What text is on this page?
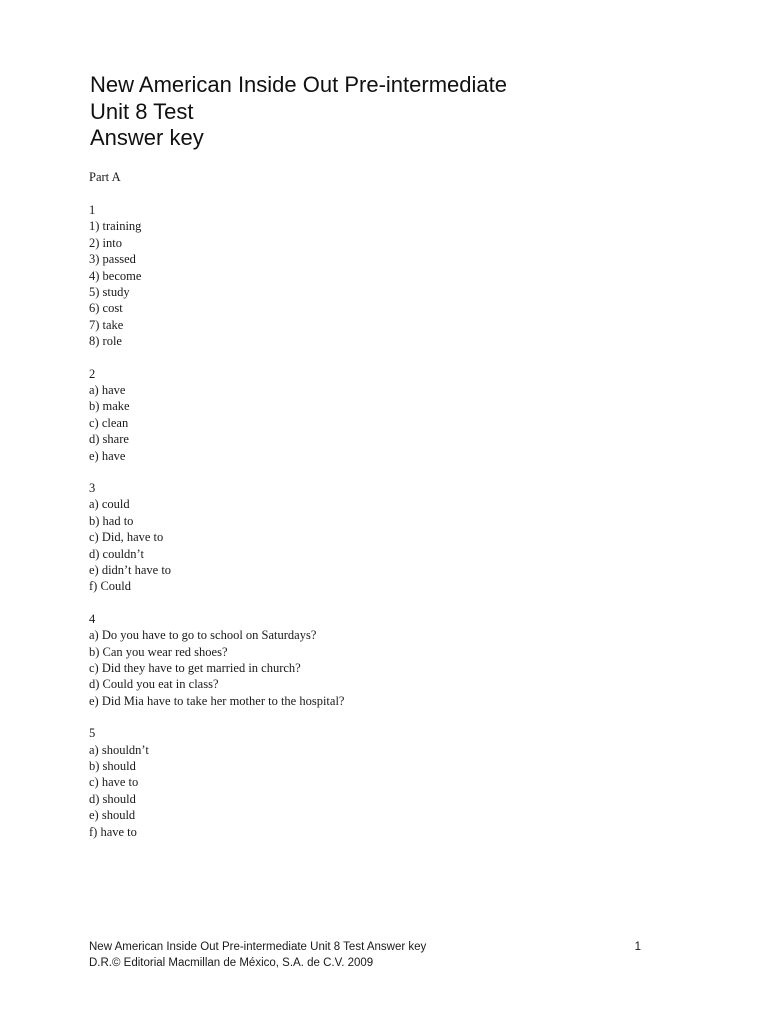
New American Inside Out Pre-intermediate
Unit 8 Test
Answer key
Part A
1
1) training
2) into
3) passed
4) become
5) study
6) cost
7) take
8) role
2
a) have
b) make
c) clean
d) share
e) have
3
a) could
b) had to
c) Did, have to
d) couldn’t
e) didn’t have to
f) Could
4
a) Do you have to go to school on Saturdays?
b) Can you wear red shoes?
c) Did they have to get married in church?
d) Could you eat in class?
e) Did Mia have to take her mother to the hospital?
5
a) shouldn’t
b) should
c) have to
d) should
e) should
f) have to
New American Inside Out Pre-intermediate Unit 8 Test Answer key	1
D.R.© Editorial Macmillan de México, S.A. de C.V. 2009
